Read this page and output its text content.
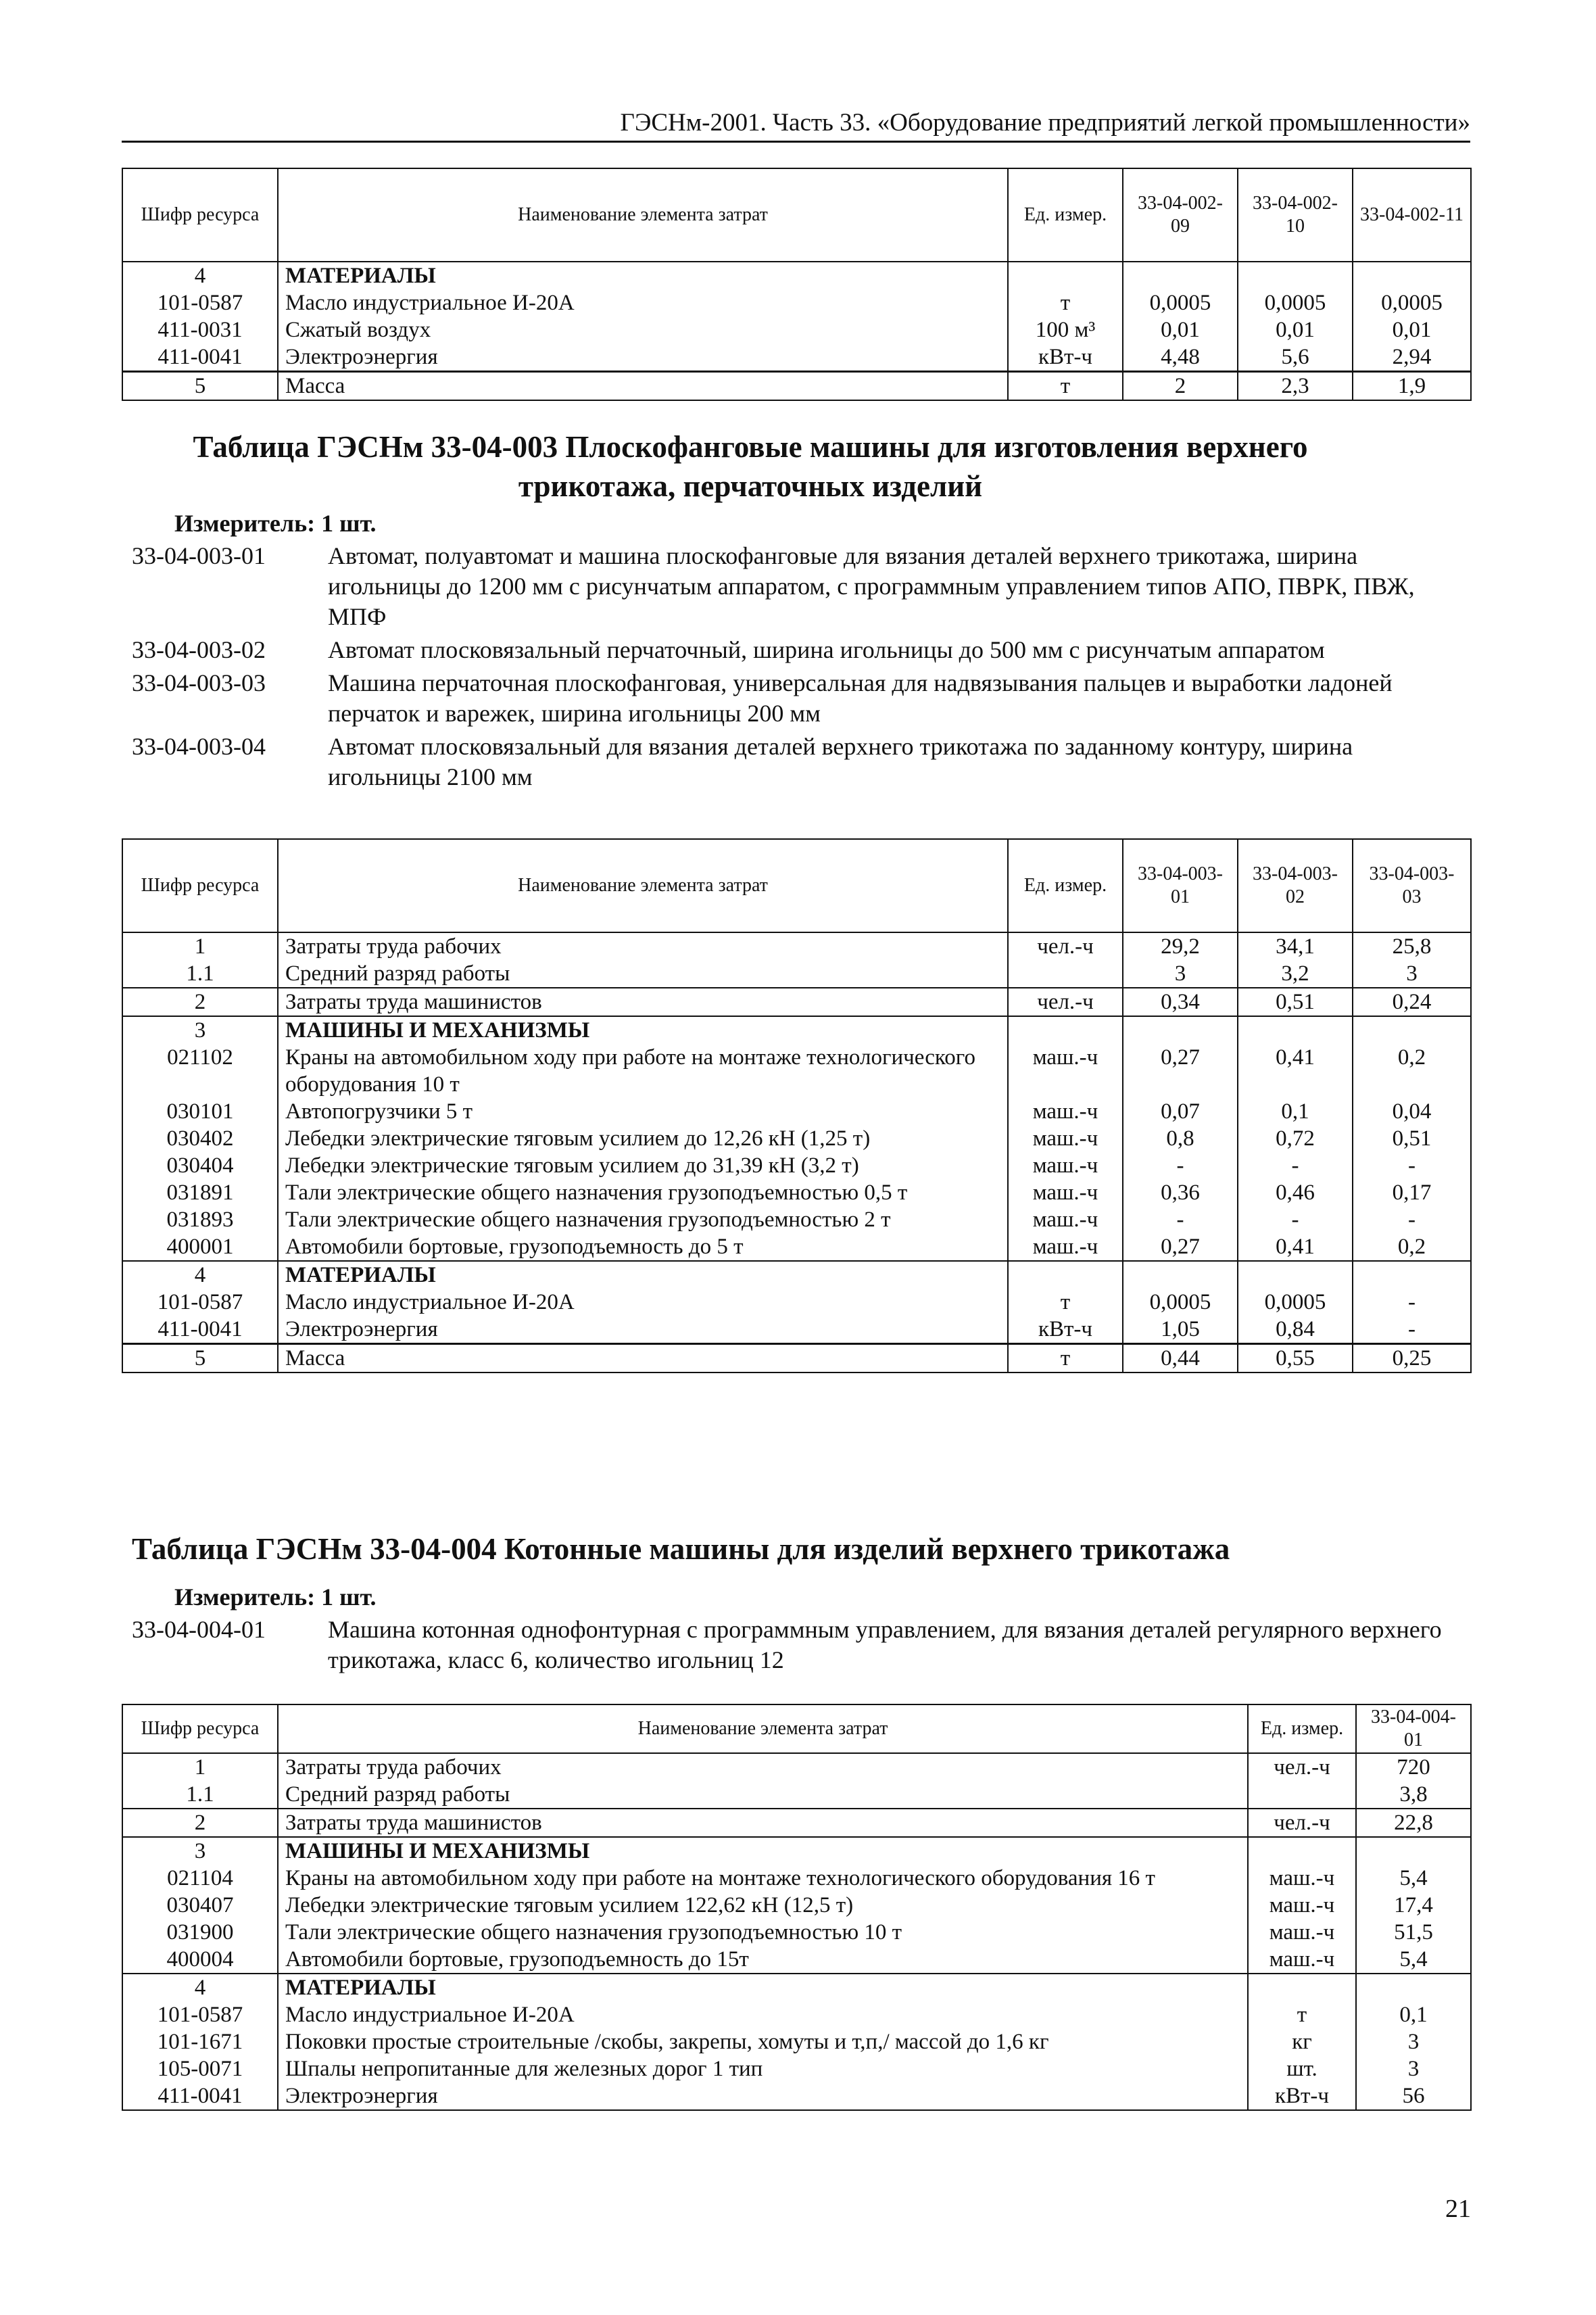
ГЭСНм-2001. Часть 33. «Оборудование предприятий легкой промышленности»
Шифр ресурса	Наименование элемента затрат	Ед. измер.	33-04-002-09	33-04-002-10	33-04-002-11	
4	МАТЕРИАЛЫ					
101-0587	Масло индустриальное И-20А	т	0,0005	0,0005	0,0005	
411-0031	Сжатый воздух	100 м³	0,01	0,01	0,01	
411-0041	Электроэнергия	кВт-ч	4,48	5,6	2,94	
5	Масса	т	2	2,3	1,9	
Таблица ГЭСНм 33-04-003 Плоскофанговые машины для изготовления верхнего трикотажа, перчаточных изделий
Измеритель: 1 шт.
33-04-003-01	Автомат, полуавтомат и машина плоскофанговые для вязания деталей верхнего трикотажа, ширина игольницы до 1200 мм с рисунчатым аппаратом, с программным управлением типов АПО, ПВРК, ПВЖ, МПФ
33-04-003-02	Автомат плосковязальный перчаточный, ширина игольницы до 500 мм с рисунчатым аппаратом
33-04-003-03	Машина перчаточная плоскофанговая, универсальная для надвязывания пальцев и выработки ладоней перчаток и варежек, ширина игольницы 200 мм
33-04-003-04	Автомат плосковязальный для вязания деталей верхнего трикотажа по заданному контуру, ширина игольницы 2100 мм
Шифр ресурса	Наименование элемента затрат	Ед. измер.	33-04-003-01	33-04-003-02	33-04-003-03	
1	Затраты труда рабочих	чел.-ч	29,2	34,1	25,8	
1.1	Средний разряд работы		3	3,2	3	
2	Затраты труда машинистов	чел.-ч	0,34	0,51	0,24	
3	МАШИНЫ И МЕХАНИЗМЫ					
021102	Краны на автомобильном ходу при работе на монтаже технологического оборудования 10 т	маш.-ч	0,27	0,41	0,2	
030101	Автопогрузчики 5 т	маш.-ч	0,07	0,1	0,04	
030402	Лебедки электрические тяговым усилием до 12,26 кН (1,25 т)	маш.-ч	0,8	0,72	0,51	
030404	Лебедки электрические тяговым усилием до 31,39 кН (3,2 т)	маш.-ч	-	-	-	
031891	Тали электрические общего назначения грузоподъемностью 0,5 т	маш.-ч	0,36	0,46	0,17	
031893	Тали электрические общего назначения грузоподъемностью 2 т	маш.-ч	-	-	-	
400001	Автомобили бортовые, грузоподъемность до 5 т	маш.-ч	0,27	0,41	0,2	
4	МАТЕРИАЛЫ					
101-0587	Масло индустриальное И-20А	т	0,0005	0,0005	-	
411-0041	Электроэнергия	кВт-ч	1,05	0,84	-	
5	Масса	т	0,44	0,55	0,25	
Таблица ГЭСНм 33-04-004 Котонные машины для изделий верхнего трикотажа
Измеритель: 1 шт.
33-04-004-01	Машина котонная однофонтурная с программным управлением, для вязания деталей регулярного верхнего трикотажа, класс 6, количество игольниц 12
Шифр ресурса	Наименование элемента затрат	Ед. измер.	33-04-004-01
1	Затраты труда рабочих	чел.-ч	720
1.1	Средний разряд работы		3,8
2	Затраты труда машинистов	чел.-ч	22,8
3	МАШИНЫ И МЕХАНИЗМЫ		
021104	Краны на автомобильном ходу при работе на монтаже технологического оборудования 16 т	маш.-ч	5,4
030407	Лебедки электрические тяговым усилием 122,62 кН (12,5 т)	маш.-ч	17,4
031900	Тали электрические общего назначения грузоподъемностью 10 т	маш.-ч	51,5
400004	Автомобили бортовые, грузоподъемность до 15т	маш.-ч	5,4
4	МАТЕРИАЛЫ		
101-0587	Масло индустриальное И-20А	т	0,1
101-1671	Поковки простые строительные /скобы, закрепы, хомуты и т,п,/ массой до 1,6 кг	кг	3
105-0071	Шпалы непропитанные для железных дорог 1 тип	шт.	3
411-0041	Электроэнергия	кВт-ч	56
21
